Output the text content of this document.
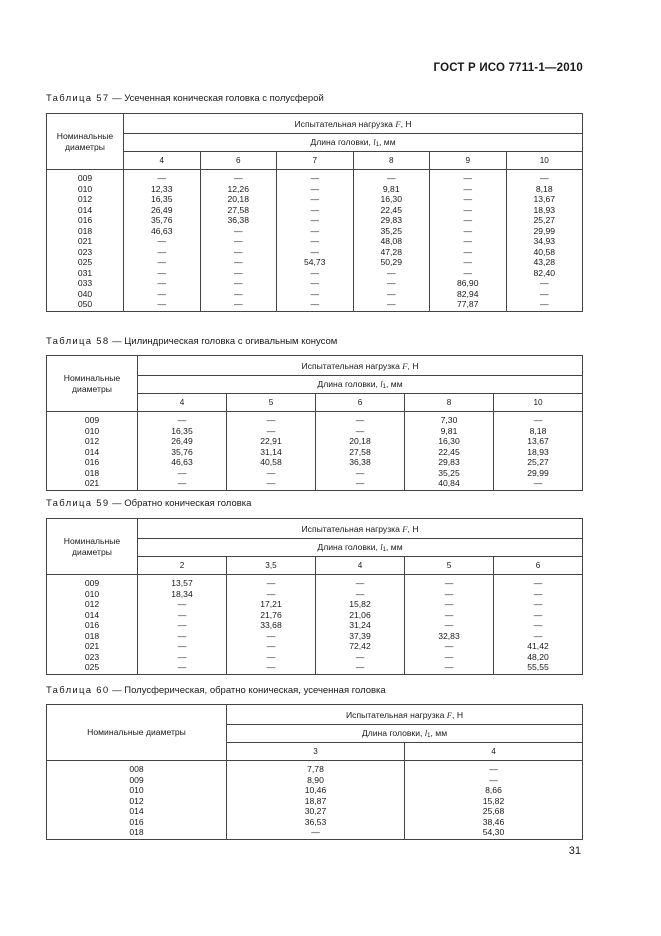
ГОСТ Р ИСО 7711-1—2010
Таблица 57 — Усеченная коническая головка с полусферой
Номинальные диаметры	Испытательная нагрузка F, Н					
	Длина головки, $l_1$, мм					
	4	6	7	8	9	10
009	—	—	—	—	—	—
010	12,33	12,26	—	9,81	—	8,18
012	16,35	20,18	—	16,30	—	13,67
014	26,49	27,58	—	22,45	—	18,93
016	35,76	36,38	—	29,83	—	25,27
018	46,63	—	—	35,25	—	29,99
021	—	—	—	48,08	—	34,93
023	—	—	—	47,28	—	40,58
025	—	—	54,73	50,29	—	43,28
031	—	—	—	—	—	82,40
033	—	—	—	—	86,90	—
040	—	—	—	—	82,94	—
050	—	—	—	—	77,87	—
Таблица 58 — Цилиндрическая головка с огивальным конусом
Номинальные диаметры	Испытательная нагрузка F, Н				
	Длина головки, $l_1$, мм				
	4	5	6	8	10
009	—	—	—	7,30	—
010	16,35	—	—	9,81	8,18
012	26,49	22,91	20,18	16,30	13,67
014	35,76	31,14	27,58	22,45	18,93
016	46,63	40,58	36,38	29,83	25,27
018	—	—	—	35,25	29,99
021	—	—	—	40,84	—
Таблица 59 — Обратно коническая головка
Номинальные диаметры	Испытательная нагрузка F, Н				
	Длина головки, $l_1$, мм				
	2	3,5	4	5	6
009	13,57	—	—	—	—
010	18,34	—	—	—	—
012	—	17,21	15,82	—	—
014	—	21,76	21,06	—	—
016	—	33,68	31,24	—	—
018	—	—	37,39	32,83	—
021	—	—	72,42	—	41,42
023	—	—	—	—	48,20
025	—	—	—	—	55,55
Таблица 60 — Полусферическая, обратно коническая, усеченная головка
Номинальные диаметры	Испытательная нагрузка F, Н	
	Длина головки, $l_1$, мм	
	3	4
008	7,78	—
009	8,90	—
010	10,46	8,66
012	18,87	15,82
014	30,27	25,68
016	36,53	38,46
018	—	54,30
31
